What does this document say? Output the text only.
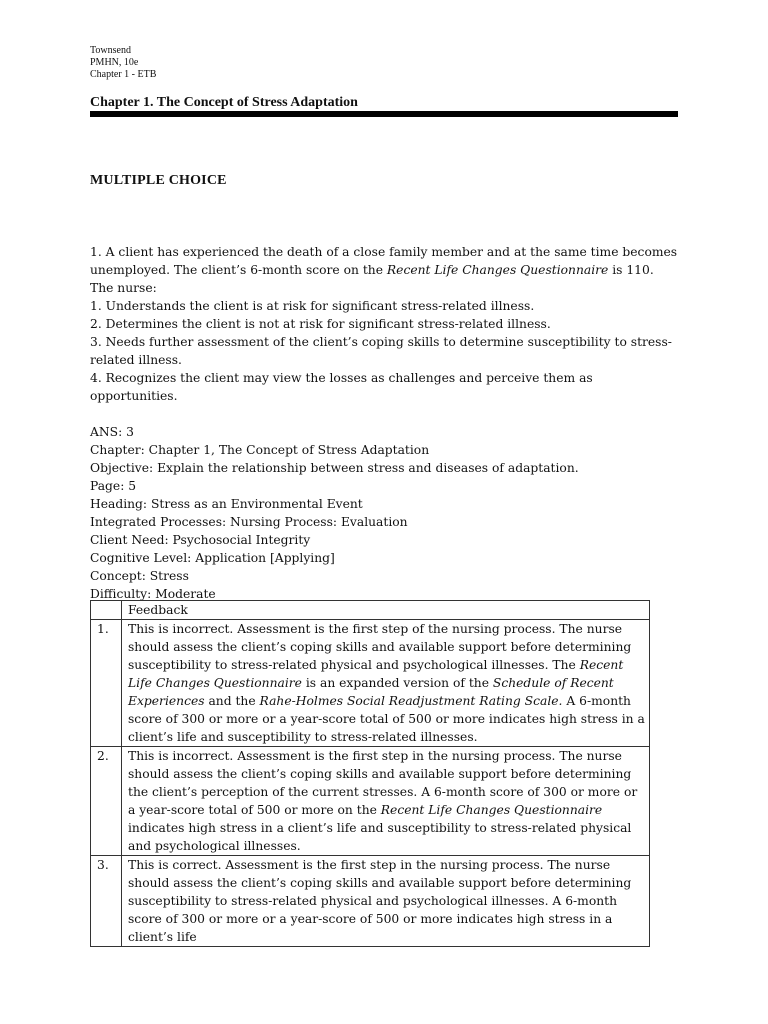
Townsend
PMHN, 10e
Chapter 1 - ETB
Chapter 1. The Concept of Stress Adaptation
MULTIPLE CHOICE

1. A client has experienced the death of a close family member and at the same time becomes unemployed. The client’s 6-month score on the Recent Life Changes Questionnaire is 110. The nurse:

1. Understands the client is at risk for significant stress-related illness.

2. Determines the client is not at risk for significant stress-related illness.

3. Needs further assessment of the client’s coping skills to determine susceptibility to stress-related illness.

4. Recognizes the client may view the losses as challenges and perceive them as opportunities.

ANS: 3

Chapter: Chapter 1, The Concept of Stress Adaptation

Objective: Explain the relationship between stress and diseases of adaptation.

Page: 5

Heading: Stress as an Environmental Event

Integrated Processes: Nursing Process: Evaluation

Client Need: Psychosocial Integrity

Cognitive Level: Application [Applying]

Concept: Stress

Difficulty: Moderate

	Feedback
1.	This is incorrect. Assessment is the first step of the nursing process. The nurse should assess the client’s coping skills and available support before determining susceptibility to stress-related physical and psychological illnesses. The Recent Life Changes Questionnaire is an expanded version of the Schedule of Recent Experiences and the Rahe-Holmes Social Readjustment Rating Scale. A 6-month score of 300 or more or a year-score total of 500 or more indicates high stress in a client’s life and susceptibility to stress-related illnesses.
2.	This is incorrect. Assessment is the first step in the nursing process. The nurse should assess the client’s coping skills and available support before determining the client’s perception of the current stresses. A 6-month score of 300 or more or a year-score total of 500 or more on the Recent Life Changes Questionnaire indicates high stress in a client’s life and susceptibility to stress-related physical and psychological illnesses.
3.	This is correct. Assessment is the first step in the nursing process. The nurse should assess the client’s coping skills and available support before determining susceptibility to stress-related physical and psychological illnesses. A 6-month score of 300 or more or a year-score of 500 or more indicates high stress in a client’s life
